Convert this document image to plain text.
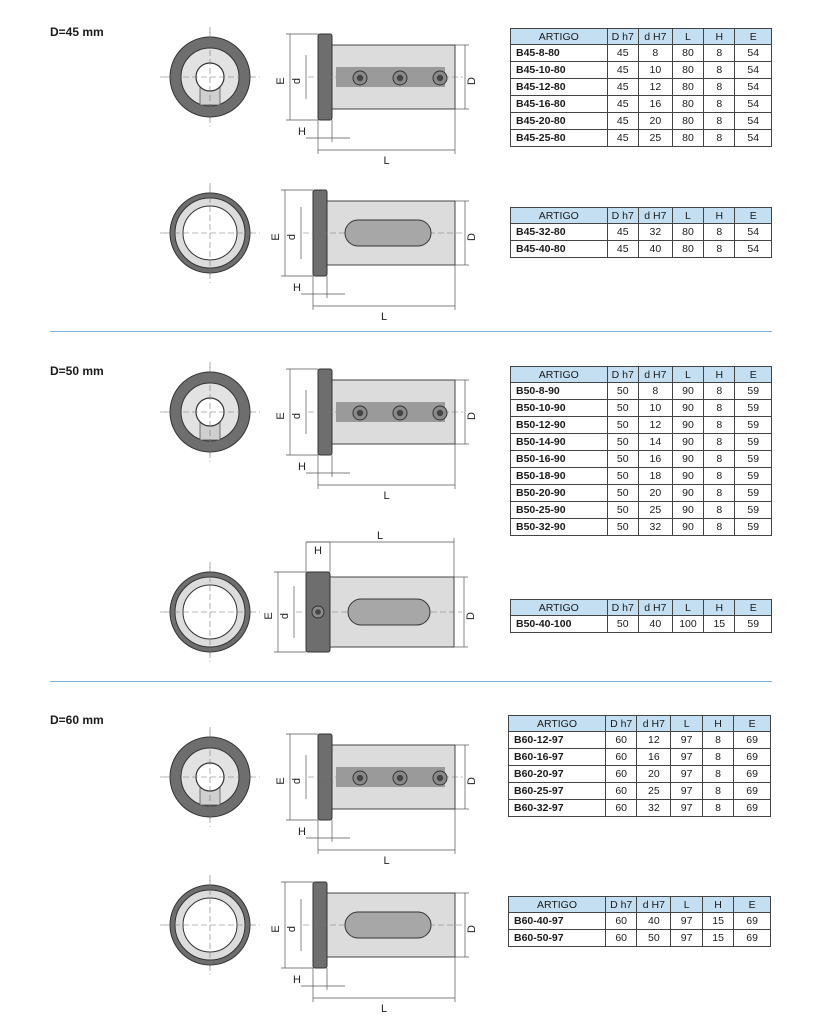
D=45 mm
D=50 mm
D=60 mm
E d	D
H
L
E d	D
H
L
E d	D
H
L
E d	D
H
L
E d	D
H
L
E d	D
H
L
ARTIGO	D h7	d H7	L	H	E
B45-8-80	45	8	80	8	54
B45-10-80	45	10	80	8	54
B45-12-80	45	12	80	8	54
B45-16-80	45	16	80	8	54
B45-20-80	45	20	80	8	54
B45-25-80	45	25	80	8	54
ARTIGO	D h7	d H7	L	H	E
B45-32-80	45	32	80	8	54
B45-40-80	45	40	80	8	54
ARTIGO	D h7	d H7	L	H	E
B50-8-90	50	8	90	8	59
B50-10-90	50	10	90	8	59
B50-12-90	50	12	90	8	59
B50-14-90	50	14	90	8	59
B50-16-90	50	16	90	8	59
B50-18-90	50	18	90	8	59
B50-20-90	50	20	90	8	59
B50-25-90	50	25	90	8	59
B50-32-90	50	32	90	8	59
ARTIGO	D h7	d H7	L	H	E
B50-40-100	50	40	100	15	59
ARTIGO	D h7	d H7	L	H	E
B60-12-97	60	12	97	8	69
B60-16-97	60	16	97	8	69
B60-20-97	60	20	97	8	69
B60-25-97	60	25	97	8	69
B60-32-97	60	32	97	8	69
ARTIGO	D h7	d H7	L	H	E
B60-40-97	60	40	97	15	69
B60-50-97	60	50	97	15	69
